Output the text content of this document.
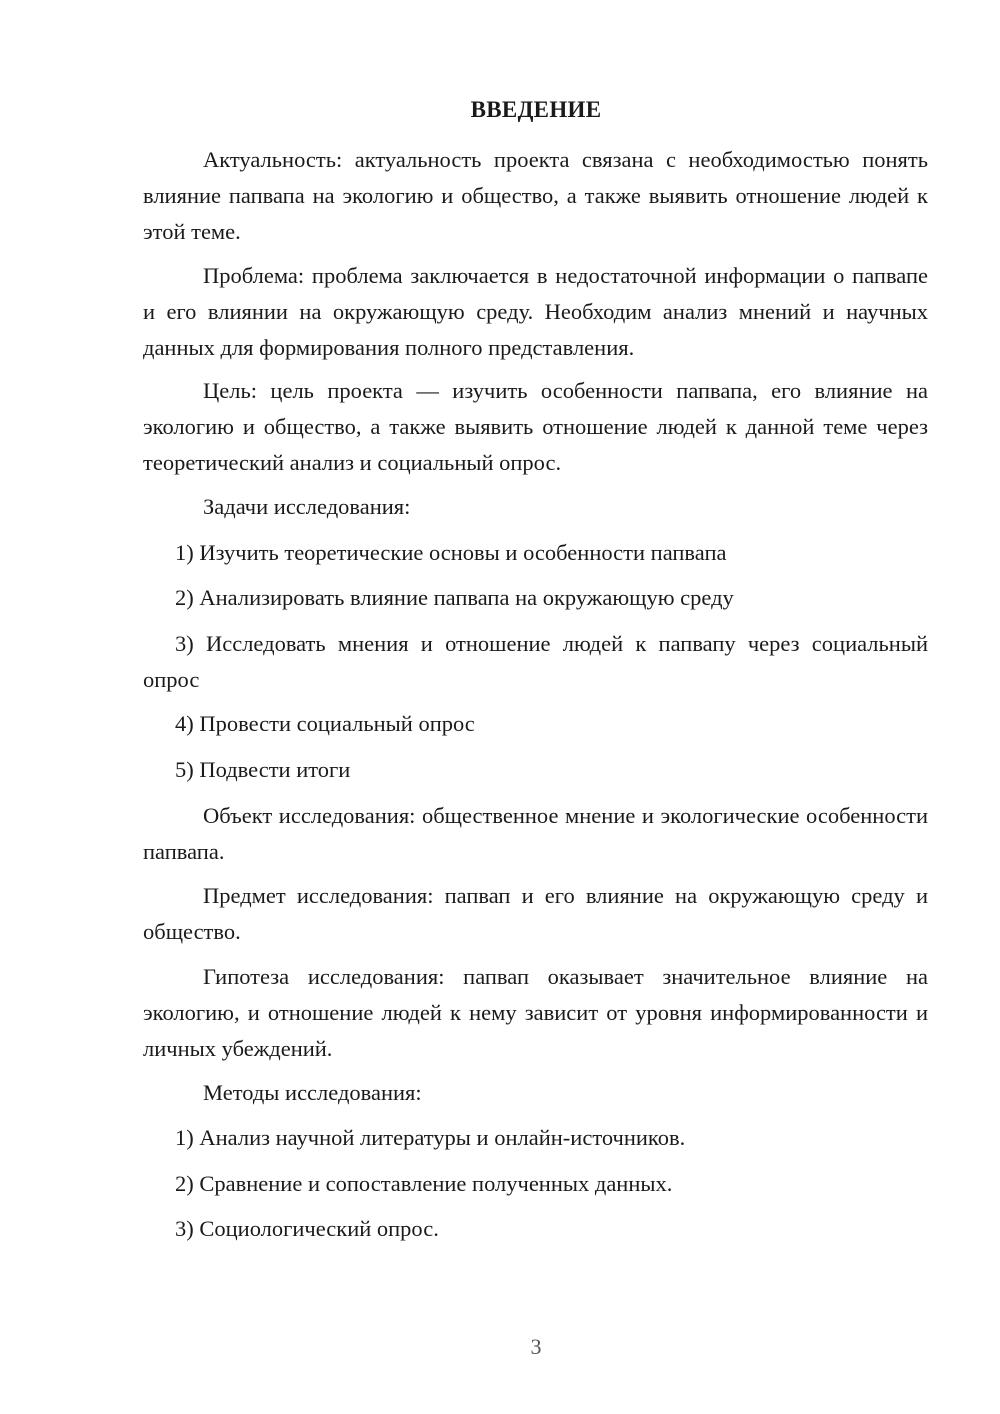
ВВЕДЕНИЕ
Актуальность: актуальность проекта связана с необходимостью понять влияние папвапа на экологию и общество, а также выявить отношение людей к этой теме.
Проблема: проблема заключается в недостаточной информации о папвапе и его влиянии на окружающую среду. Необходим анализ мнений и научных данных для формирования полного представления.
Цель: цель проекта — изучить особенности папвапа, его влияние на экологию и общество, а также выявить отношение людей к данной теме через теоретический анализ и социальный опрос.
Задачи исследования:
1) Изучить теоретические основы и особенности папвапа
2) Анализировать влияние папвапа на окружающую среду
3) Исследовать мнения и отношение людей к папвапу через социальный опрос
4) Провести социальный опрос
5) Подвести итоги
Объект исследования: общественное мнение и экологические особенности папвапа.
Предмет исследования: папвап и его влияние на окружающую среду и общество.
Гипотеза исследования: папвап оказывает значительное влияние на экологию, и отношение людей к нему зависит от уровня информированности и личных убеждений.
Методы исследования:
1) Анализ научной литературы и онлайн-источников.
2) Сравнение и сопоставление полученных данных.
3) Социологический опрос.
3
